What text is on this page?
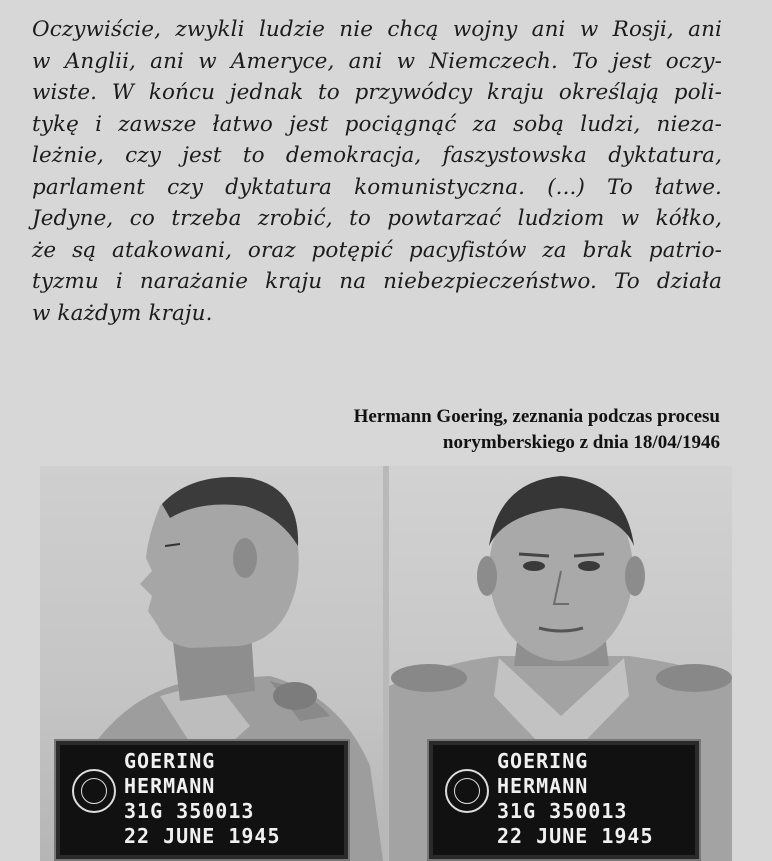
Oczywiście, zwykli ludzie nie chcą wojny ani w Rosji, ani
w Anglii, ani w Ameryce, ani w Niemczech. To jest oczy-
wiste. W końcu jednak to przywódcy kraju określają poli-
tykę i zawsze łatwo jest pociągnąć za sobą ludzi, nieza-
leżnie, czy jest to demokracja, faszystowska dyktatura,
parlament czy dyktatura komunistyczna. (...) To łatwe.
Jedyne, co trzeba zrobić, to powtarzać ludziom w kółko,
że są atakowani, oraz potępić pacyfistów za brak patrio-
tyzmu i narażanie kraju na niebezpieczeństwo. To działa
w każdym kraju.
Hermann Goering, zeznania podczas procesu
norymberskiego z dnia 18/04/1946
GOERING
HERMANN
31G 350013
22 JUNE 1945
GOERING
HERMANN
31G 350013
22 JUNE 1945
